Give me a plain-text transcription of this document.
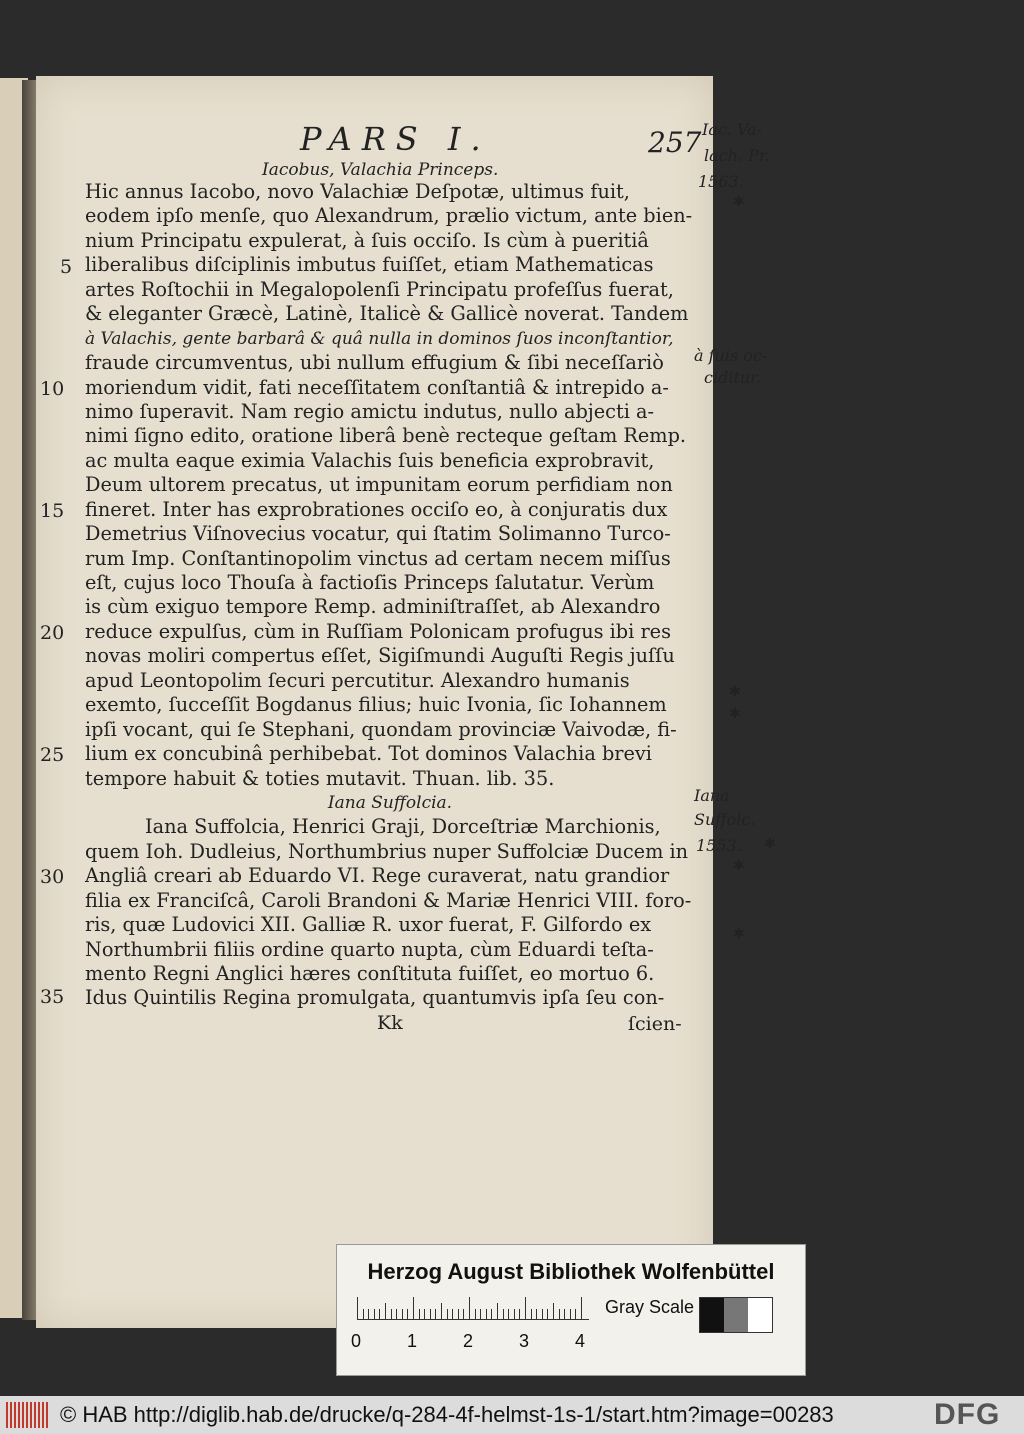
PARS I.	257
Iacobus, Valachia Princeps.
Hic annus Iacobo, novo Valachiæ Deſpotæ, ultimus fuit,
eodem ipſo menſe, quo Alexandrum, prælio victum, ante bien-
nium Principatu expulerat, à ſuis occiſo. Is cùm à pueritiâ
liberalibus diſciplinis imbutus fuiſſet, etiam Mathematicas
artes Roſtochii in Megalopolenſi Principatu profeſſus fuerat,
& eleganter Græcè, Latinè, Italicè & Gallicè noverat. Tandem
à Valachis, gente barbarâ & quâ nulla in dominos ſuos inconſtantior,
fraude circumventus, ubi nullum effugium & ſibi neceſſariò
moriendum vidit, fati neceſſitatem conſtantiâ & intrepido a-
nimo ſuperavit. Nam regio amictu indutus, nullo abjecti a-
nimi ſigno edito, oratione liberâ benè recteque geſtam Remp.
ac multa eaque eximia Valachis ſuis beneficia exprobravit,
Deum ultorem precatus, ut impunitam eorum perfidiam non
fineret. Inter has exprobrationes occiſo eo, à conjuratis dux
Demetrius Viſnovecius vocatur, qui ſtatim Solimanno Turco-
rum Imp. Conſtantinopolim vinctus ad certam necem miſſus
eſt, cujus loco Thouſa à factioſis Princeps ſalutatur. Verùm
is cùm exiguo tempore Remp. adminiſtraſſet, ab Alexandro
reduce expulſus, cùm in Ruſſiam Polonicam profugus ibi res
novas moliri compertus eſſet, Sigiſmundi Auguſti Regis juſſu
apud Leontopolim ſecuri percutitur. Alexandro humanis
exemto, ſucceſſit Bogdanus filius; huic Ivonia, ſic Iohannem
ipſi vocant, qui ſe Stephani, quondam provinciæ Vaivodæ, fi-
lium ex concubinâ perhibebat. Tot dominos Valachia brevi
tempore habuit & toties mutavit. Thuan. lib. 35.
Iana Suffolcia.
Iana Suffolcia, Henrici Graji, Dorceſtriæ Marchionis,
quem Ioh. Dudleius, Northumbrius nuper Suffolciæ Ducem in
Angliâ creari ab Eduardo VI. Rege curaverat, natu grandior
filia ex Franciſcâ, Caroli Brandoni & Mariæ Henrici VIII. foro-
ris, quæ Ludovici XII. Galliæ R. uxor fuerat, F. Gilfordo ex
Northumbrii filiis ordine quarto nupta, cùm Eduardi teſta-
mento Regni Anglici hæres conſtituta fuiſſet, eo mortuo 6.
Idus Quintilis Regina promulgata, quantumvis ipſa ſeu con-
5
10
15
20
25
30
35
Iac. Va-
lach. Pr.
1563.
à ſuis oc-
ciditur.
Iana
Suffolc.
1553.
✱
✱
✱
✱
✱
✱
Kk	ſcien-
Herzog August Bibliothek Wolfenbüttel
0	1	2	3	4
Gray Scale
© HAB http://diglib.hab.de/drucke/q-284-4f-helmst-1s-1/start.htm?image=00283	DFG
